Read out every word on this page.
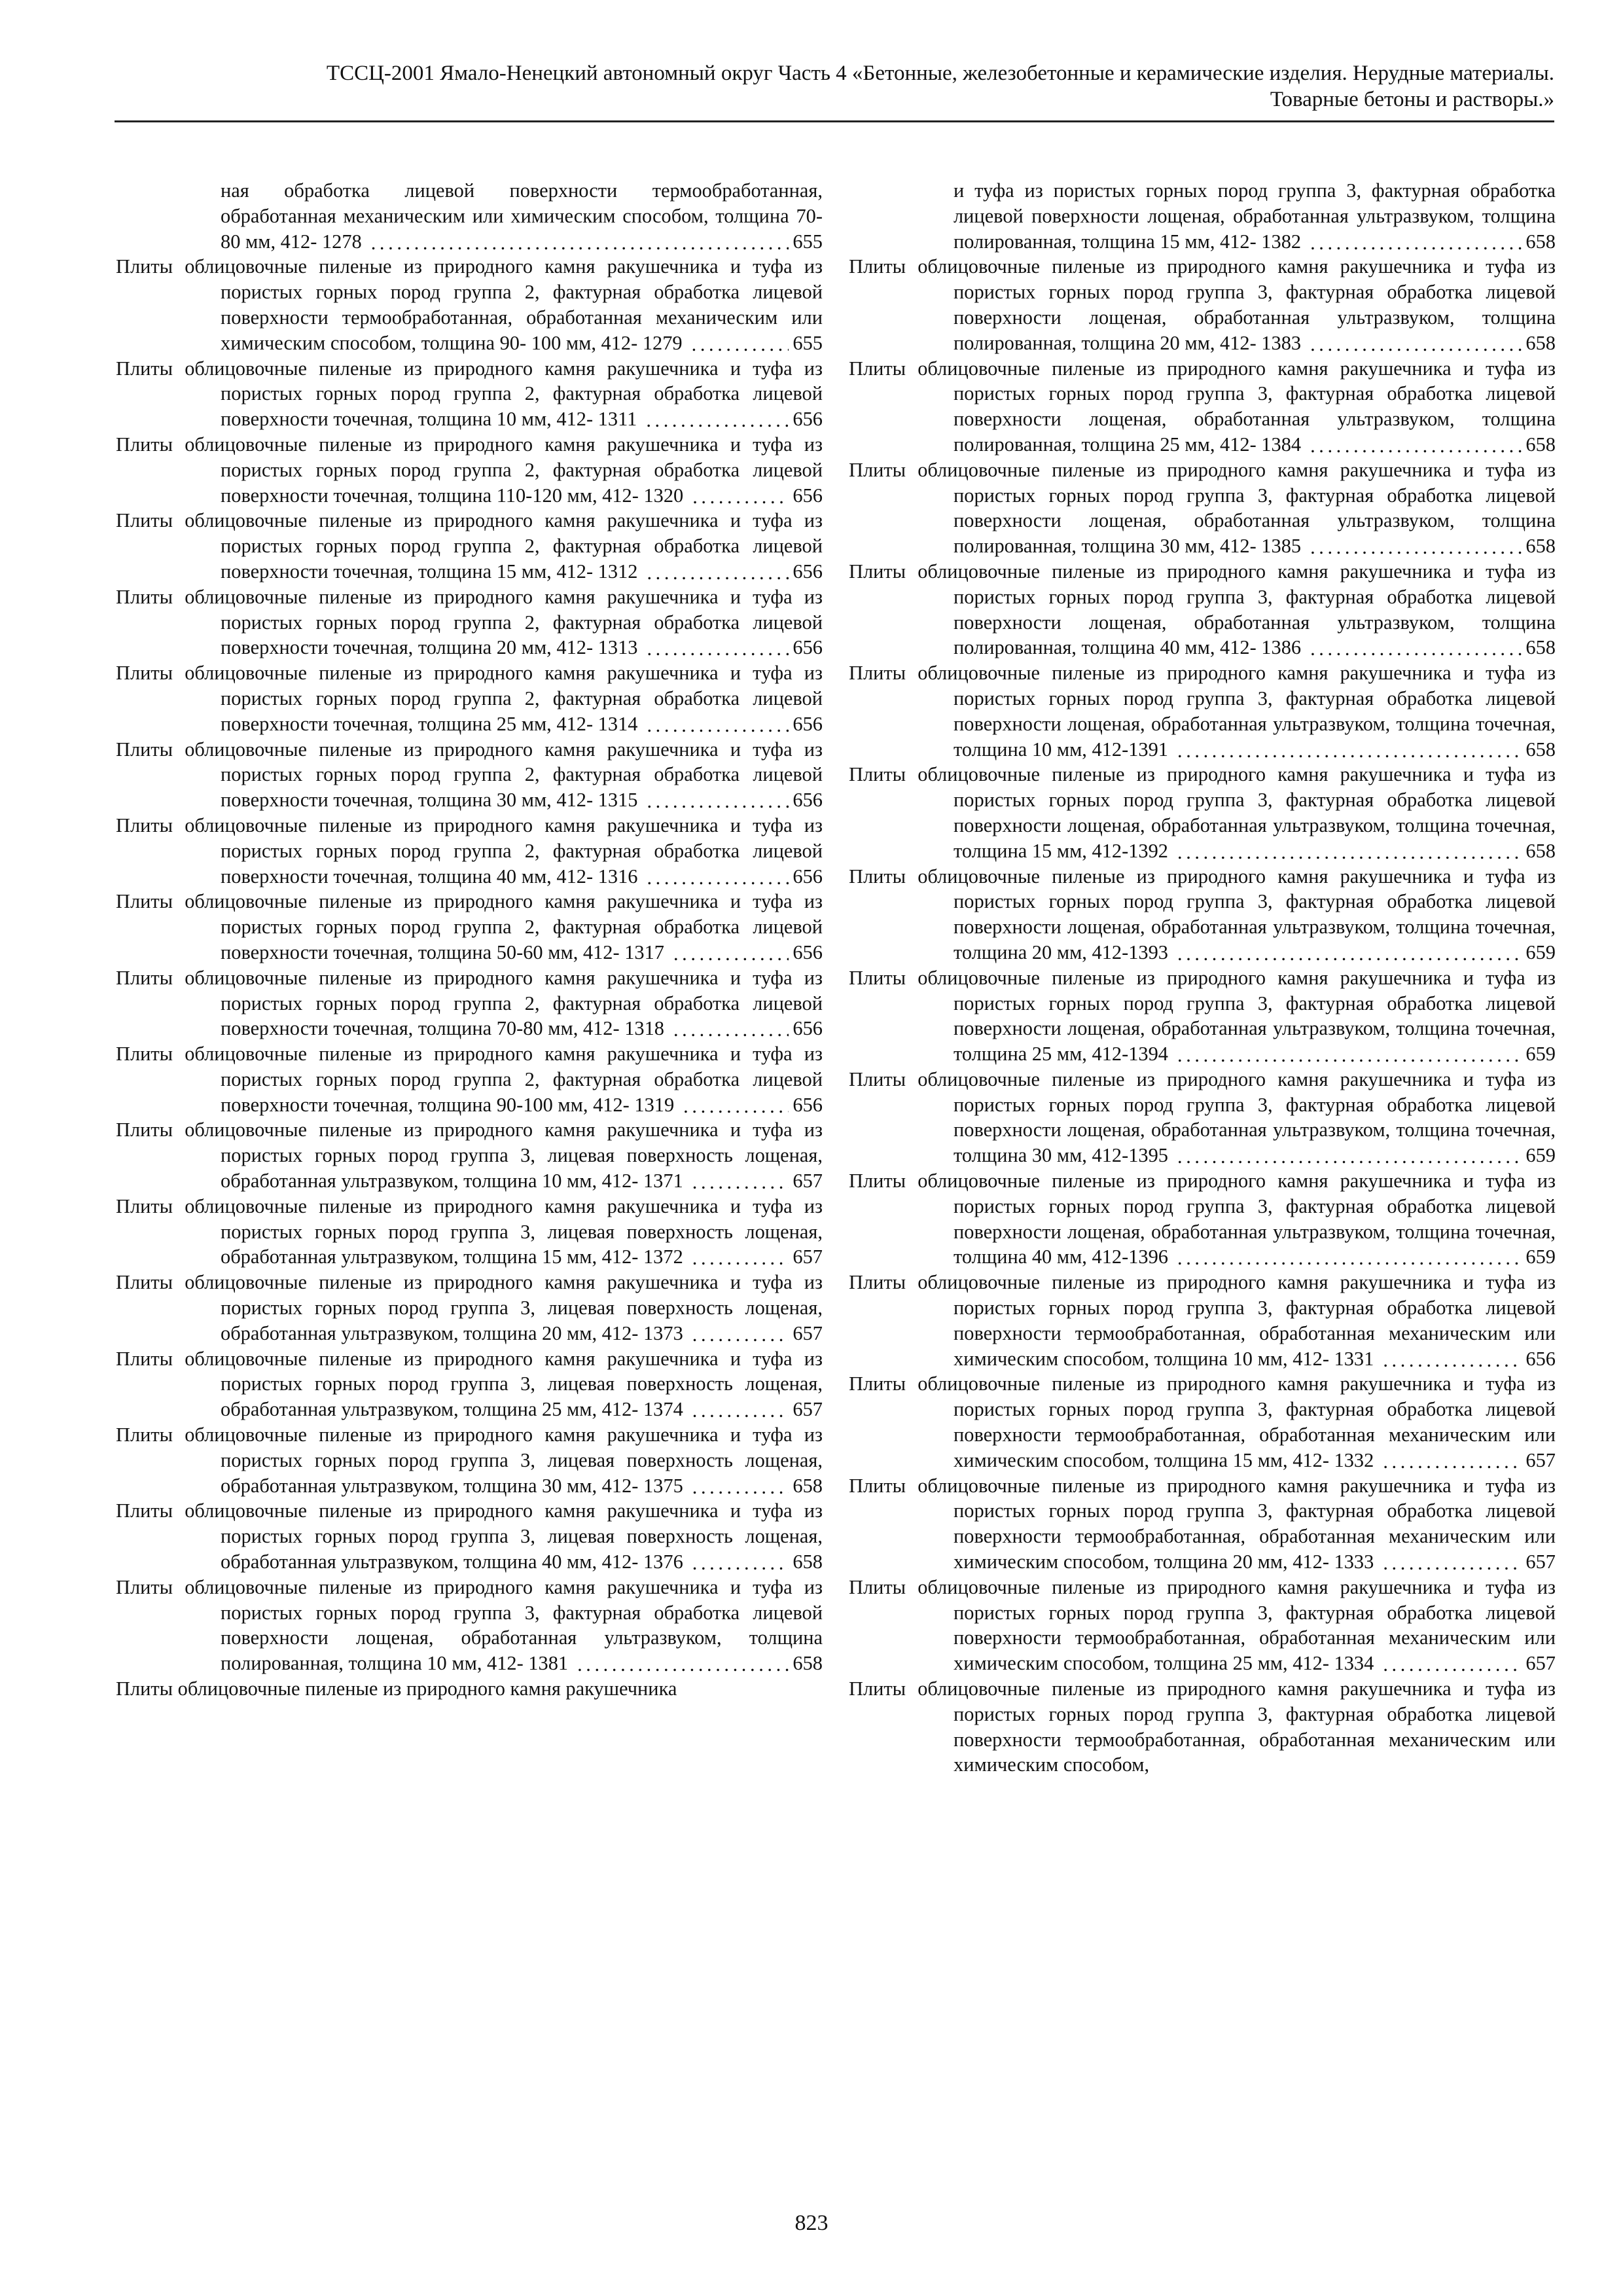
ТССЦ-2001 Ямало-Ненецкий автономный округ Часть 4 «Бетонные, железобетонные и керамические изделия. Нерудные материалы.
Товарные бетоны и растворы.»
ная обработка лицевой поверхности термообработанная, обработанная механическим или химическим способом, толщина 70- 80 мм, 412- 1278	655
. . .
Плиты облицовочные пиленые из природного камня ракушечника и туфа из пористых горных пород группа 2, фактурная обработка лицевой поверхности термообработанная, обработанная механическим или химическим способом, толщина 90- 100 мм, 412- 1279	655
. . .
Плиты облицовочные пиленые из природного камня ракушечника и туфа из пористых горных пород группа 2, фактурная обработка лицевой поверхности точечная, толщина 10 мм, 412- 1311	656
. . .
Плиты облицовочные пиленые из природного камня ракушечника и туфа из пористых горных пород группа 2, фактурная обработка лицевой поверхности точечная, толщина 110-120 мм, 412- 1320	656
. . .
Плиты облицовочные пиленые из природного камня ракушечника и туфа из пористых горных пород группа 2, фактурная обработка лицевой поверхности точечная, толщина 15 мм, 412- 1312	656
. . .
Плиты облицовочные пиленые из природного камня ракушечника и туфа из пористых горных пород группа 2, фактурная обработка лицевой поверхности точечная, толщина 20 мм, 412- 1313	656
. . .
Плиты облицовочные пиленые из природного камня ракушечника и туфа из пористых горных пород группа 2, фактурная обработка лицевой поверхности точечная, толщина 25 мм, 412- 1314	656
. . .
Плиты облицовочные пиленые из природного камня ракушечника и туфа из пористых горных пород группа 2, фактурная обработка лицевой поверхности точечная, толщина 30 мм, 412- 1315	656
. . .
Плиты облицовочные пиленые из природного камня ракушечника и туфа из пористых горных пород группа 2, фактурная обработка лицевой поверхности точечная, толщина 40 мм, 412- 1316	656
. . .
Плиты облицовочные пиленые из природного камня ракушечника и туфа из пористых горных пород группа 2, фактурная обработка лицевой поверхности точечная, толщина 50-60 мм, 412- 1317	656
. . .
Плиты облицовочные пиленые из природного камня ракушечника и туфа из пористых горных пород группа 2, фактурная обработка лицевой поверхности точечная, толщина 70-80 мм, 412- 1318	656
. . .
Плиты облицовочные пиленые из природного камня ракушечника и туфа из пористых горных пород группа 2, фактурная обработка лицевой поверхности точечная, толщина 90-100 мм, 412- 1319	656
. . .
Плиты облицовочные пиленые из природного камня ракушечника и туфа из пористых горных пород группа 3, лицевая поверхность лощеная, обработанная ультразвуком, толщина 10 мм, 412- 1371	657
. . .
Плиты облицовочные пиленые из природного камня ракушечника и туфа из пористых горных пород группа 3, лицевая поверхность лощеная, обработанная ультразвуком, толщина 15 мм, 412- 1372	657
. . .
Плиты облицовочные пиленые из природного камня ракушечника и туфа из пористых горных пород группа 3, лицевая поверхность лощеная, обработанная ультразвуком, толщина 20 мм, 412- 1373	657
. . .
Плиты облицовочные пиленые из природного камня ракушечника и туфа из пористых горных пород группа 3, лицевая поверхность лощеная, обработанная ультразвуком, толщина 25 мм, 412- 1374	657
. . .
Плиты облицовочные пиленые из природного камня ракушечника и туфа из пористых горных пород группа 3, лицевая поверхность лощеная, обработанная ультразвуком, толщина 30 мм, 412- 1375	658
. . .
Плиты облицовочные пиленые из природного камня ракушечника и туфа из пористых горных пород группа 3, лицевая поверхность лощеная, обработанная ультразвуком, толщина 40 мм, 412- 1376	658
. . .
Плиты облицовочные пиленые из природного камня ракушечника и туфа из пористых горных пород группа 3, фактурная обработка лицевой поверхности лощеная, обработанная ультразвуком, толщина полированная, толщина 10 мм, 412- 1381	658
. . .
Плиты облицовочные пиленые из природного камня ракушечника
и туфа из пористых горных пород группа 3, фактурная обработка лицевой поверхности лощеная, обработанная ультразвуком, толщина полированная, толщина 15 мм, 412- 1382	658
. . .
Плиты облицовочные пиленые из природного камня ракушечника и туфа из пористых горных пород группа 3, фактурная обработка лицевой поверхности лощеная, обработанная ультразвуком, толщина полированная, толщина 20 мм, 412- 1383	658
. . .
Плиты облицовочные пиленые из природного камня ракушечника и туфа из пористых горных пород группа 3, фактурная обработка лицевой поверхности лощеная, обработанная ультразвуком, толщина полированная, толщина 25 мм, 412- 1384	658
. . .
Плиты облицовочные пиленые из природного камня ракушечника и туфа из пористых горных пород группа 3, фактурная обработка лицевой поверхности лощеная, обработанная ультразвуком, толщина полированная, толщина 30 мм, 412- 1385	658
. . .
Плиты облицовочные пиленые из природного камня ракушечника и туфа из пористых горных пород группа 3, фактурная обработка лицевой поверхности лощеная, обработанная ультразвуком, толщина полированная, толщина 40 мм, 412- 1386	658
. . .
Плиты облицовочные пиленые из природного камня ракушечника и туфа из пористых горных пород группа 3, фактурная обработка лицевой поверхности лощеная, обработанная ультразвуком, толщина точечная, толщина 10 мм, 412-1391	658
. . .
Плиты облицовочные пиленые из природного камня ракушечника и туфа из пористых горных пород группа 3, фактурная обработка лицевой поверхности лощеная, обработанная ультразвуком, толщина точечная, толщина 15 мм, 412-1392	658
. . .
Плиты облицовочные пиленые из природного камня ракушечника и туфа из пористых горных пород группа 3, фактурная обработка лицевой поверхности лощеная, обработанная ультразвуком, толщина точечная, толщина 20 мм, 412-1393	659
. . .
Плиты облицовочные пиленые из природного камня ракушечника и туфа из пористых горных пород группа 3, фактурная обработка лицевой поверхности лощеная, обработанная ультразвуком, толщина точечная, толщина 25 мм, 412-1394	659
. . .
Плиты облицовочные пиленые из природного камня ракушечника и туфа из пористых горных пород группа 3, фактурная обработка лицевой поверхности лощеная, обработанная ультразвуком, толщина точечная, толщина 30 мм, 412-1395	659
. . .
Плиты облицовочные пиленые из природного камня ракушечника и туфа из пористых горных пород группа 3, фактурная обработка лицевой поверхности лощеная, обработанная ультразвуком, толщина точечная, толщина 40 мм, 412-1396	659
. . .
Плиты облицовочные пиленые из природного камня ракушечника и туфа из пористых горных пород группа 3, фактурная обработка лицевой поверхности термообработанная, обработанная механическим или химическим способом, толщина 10 мм, 412- 1331	656
. . .
Плиты облицовочные пиленые из природного камня ракушечника и туфа из пористых горных пород группа 3, фактурная обработка лицевой поверхности термообработанная, обработанная механическим или химическим способом, толщина 15 мм, 412- 1332	657
. . .
Плиты облицовочные пиленые из природного камня ракушечника и туфа из пористых горных пород группа 3, фактурная обработка лицевой поверхности термообработанная, обработанная механическим или химическим способом, толщина 20 мм, 412- 1333	657
. . .
Плиты облицовочные пиленые из природного камня ракушечника и туфа из пористых горных пород группа 3, фактурная обработка лицевой поверхности термообработанная, обработанная механическим или химическим способом, толщина 25 мм, 412- 1334	657
. . .
Плиты облицовочные пиленые из природного камня ракушечника и туфа из пористых горных пород группа 3, фактурная обработка лицевой поверхности термообработанная, обработанная механическим или химическим способом,
823
